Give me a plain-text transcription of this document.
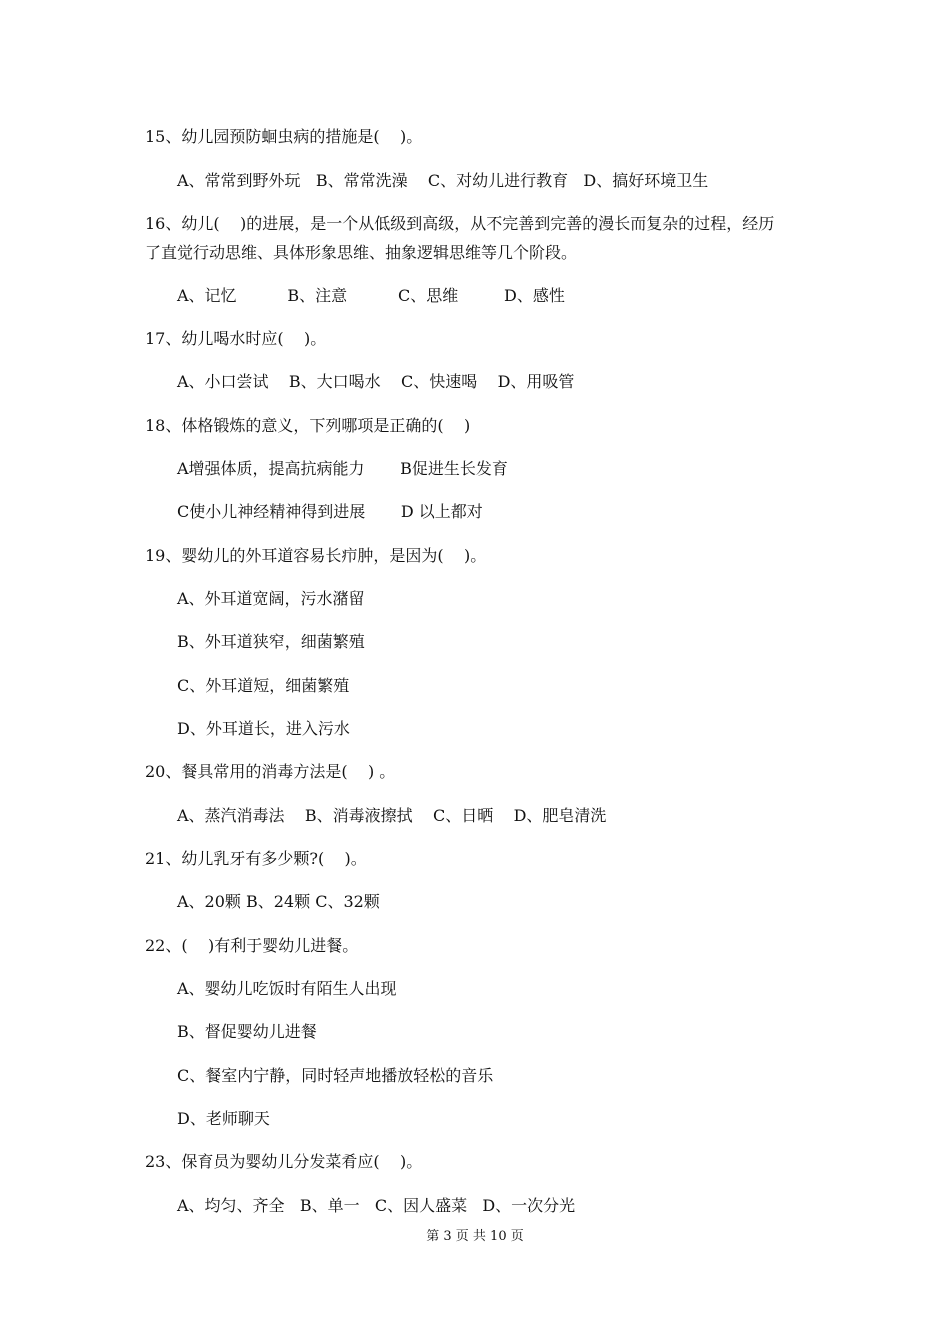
15、幼儿园预防蛔虫病的措施是(    )。
A、常常到野外玩   B、常常洗澡    C、对幼儿进行教育   D、搞好环境卫生
16、幼儿(    )的进展，是一个从低级到高级，从不完善到完善的漫长而复杂的过程，经历
了直觉行动思维、具体形象思维、抽象逻辑思维等几个阶段。
A、记忆          B、注意          C、思维         D、感性
17、幼儿喝水时应(    )。
A、小口尝试    B、大口喝水    C、快速喝    D、用吸管
18、体格锻炼的意义，下列哪项是正确的(    )
A增强体质，提高抗病能力       B促进生长发育
C使小儿神经精神得到进展       D 以上都对
19、婴幼儿的外耳道容易长疖肿，是因为(    )。
A、外耳道宽阔，污水潴留
B、外耳道狭窄，细菌繁殖
C、外耳道短，细菌繁殖
D、外耳道长，进入污水
20、餐具常用的消毒方法是(    ) 。
A、蒸汽消毒法    B、消毒液擦拭    C、日晒    D、肥皂清洗
21、幼儿乳牙有多少颗?(    )。
A、20颗 B、24颗 C、32颗
22、(    )有利于婴幼儿进餐。
A、婴幼儿吃饭时有陌生人出现
B、督促婴幼儿进餐
C、餐室内宁静，同时轻声地播放轻松的音乐
D、老师聊天
23、保育员为婴幼儿分发菜肴应(    )。
A、均匀、齐全   B、单一   C、因人盛菜   D、一次分光
第 3 页 共 10 页
